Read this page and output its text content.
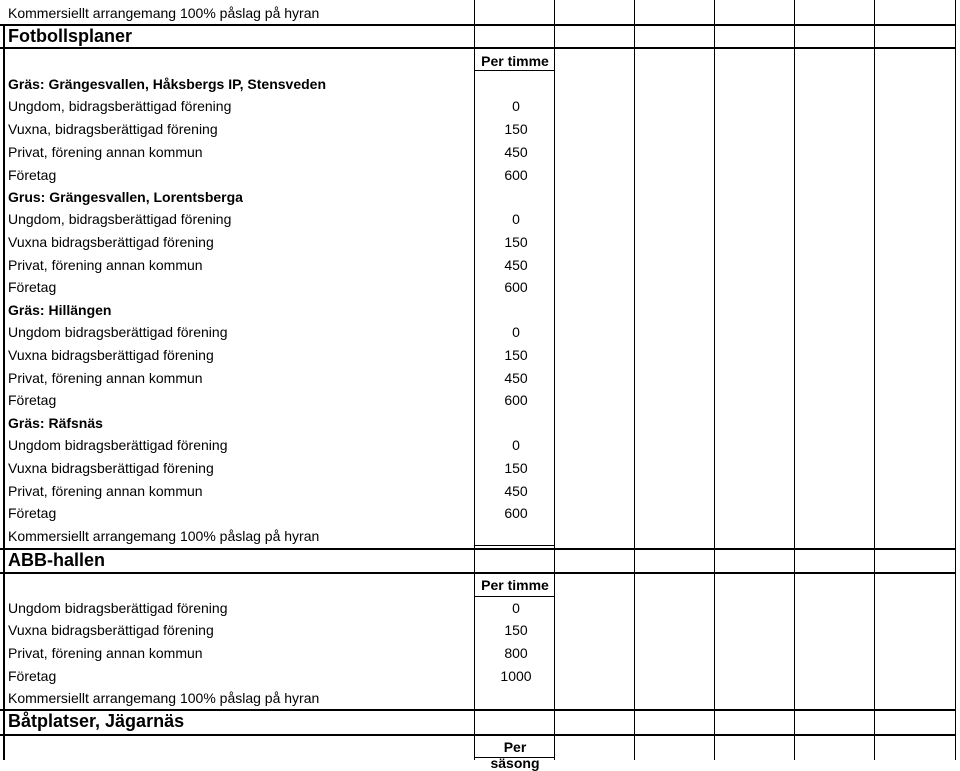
Kommersiellt arrangemang 100% påslag på hyran
Fotbollsplaner
Per timme
Gräs: Grängesvallen, Håksbergs IP, Stensveden
Ungdom, bidragsberättigad förening	0
Vuxna, bidragsberättigad förening	150
Privat, förening annan kommun	450
Företag	600
Grus: Grängesvallen, Lorentsberga
Ungdom, bidragsberättigad förening	0
Vuxna bidragsberättigad förening	150
Privat, förening annan kommun	450
Företag	600
Gräs: Hillängen
Ungdom bidragsberättigad förening	0
Vuxna bidragsberättigad förening	150
Privat, förening annan kommun	450
Företag	600
Gräs: Räfsnäs
Ungdom bidragsberättigad förening	0
Vuxna bidragsberättigad förening	150
Privat, förening annan kommun	450
Företag	600
Kommersiellt arrangemang 100% påslag på hyran
ABB-hallen
Per timme
Ungdom bidragsberättigad förening	0
Vuxna bidragsberättigad förening	150
Privat, förening annan kommun	800
Företag	1000
Kommersiellt arrangemang 100% påslag på hyran
Båtplatser, Jägarnäs
Per säsong
